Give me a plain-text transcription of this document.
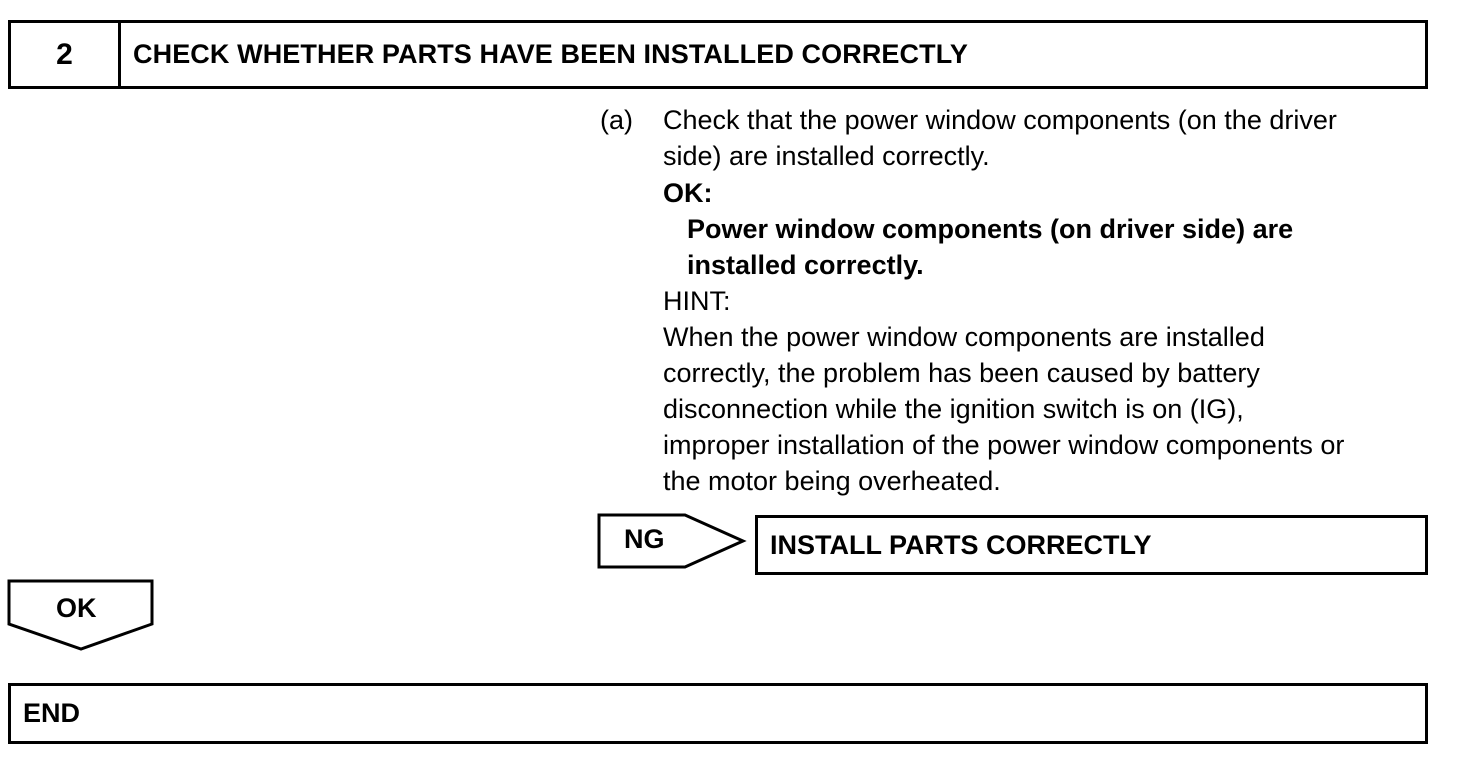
2	CHECK WHETHER PARTS HAVE BEEN INSTALLED CORRECTLY
(a) Check that the power window components (on the driver
side) are installed correctly.
OK:
Power window components (on driver side) are
installed correctly.
HINT:
When the power window components are installed
correctly, the problem has been caused by battery
disconnection while the ignition switch is on (IG),
improper installation of the power window components or
the motor being overheated.
NG	INSTALL PARTS CORRECTLY
OK
END
